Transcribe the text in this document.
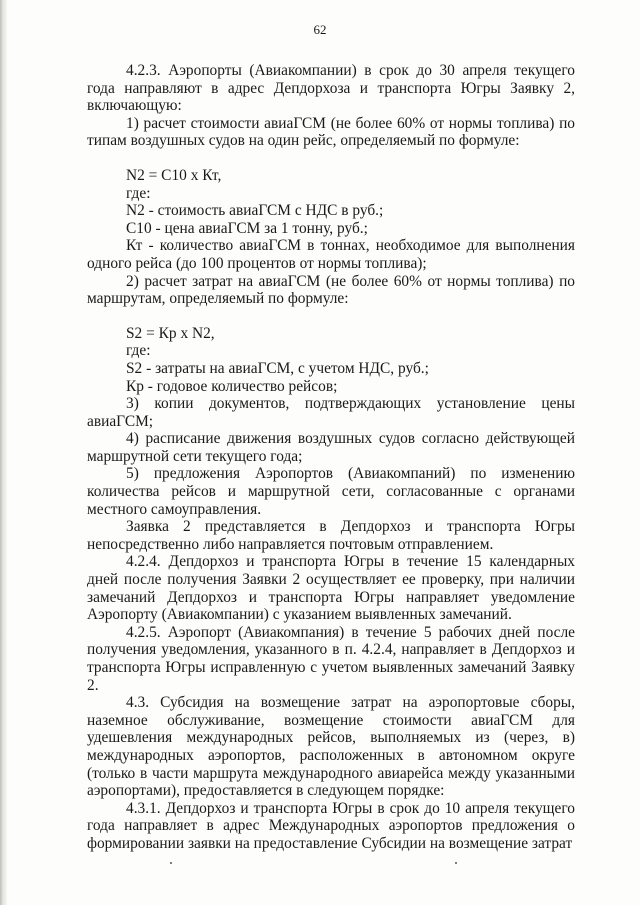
62

4.2.3. Аэропорты (Авиакомпании) в срок до 30 апреля текущего года направляют в адрес Депдорхоза и транспорта Югры Заявку 2, включающую:

1) расчет стоимости авиаГСМ (не более 60% от нормы топлива) по типам воздушных судов на один рейс, определяемый по формуле:

N2 = C10 x Кт,

где:

N2 - стоимость авиаГСМ с НДС в руб.;

C10 - цена авиаГСМ за 1 тонну, руб.;

Кт - количество авиаГСМ в тоннах, необходимое для выполнения одного рейса (до 100 процентов от нормы топлива);

2) расчет затрат на авиаГСМ (не более 60% от нормы топлива) по маршрутам, определяемый по формуле:

S2 = Кр x N2,

где:

S2 - затраты на авиаГСМ, с учетом НДС, руб.;

Кр - годовое количество рейсов;

3) копии документов, подтверждающих установление цены авиаГСМ;

4) расписание движения воздушных судов согласно действующей маршрутной сети текущего года;

5) предложения Аэропортов (Авиакомпаний) по изменению количества рейсов и маршрутной сети, согласованные с органами местного самоуправления.

Заявка 2 представляется в Депдорхоз и транспорта Югры непосредственно либо направляется почтовым отправлением.

4.2.4. Депдорхоз и транспорта Югры в течение 15 календарных дней после получения Заявки 2 осуществляет ее проверку, при наличии замечаний Депдорхоз и транспорта Югры направляет уведомление Аэропорту (Авиакомпании) с указанием выявленных замечаний.

4.2.5. Аэропорт (Авиакомпания) в течение 5 рабочих дней после получения уведомления, указанного в п. 4.2.4, направляет в Депдорхоз и транспорта Югры исправленную с учетом выявленных замечаний Заявку 2.

4.3. Субсидия на возмещение затрат на аэропортовые сборы, наземное обслуживание, возмещение стоимости авиаГСМ для удешевления международных рейсов, выполняемых из (через, в) международных аэропортов, расположенных в автономном округе (только в части маршрута международного авиарейса между указанными аэропортами), предоставляется в следующем порядке:

4.3.1. Депдорхоз и транспорта Югры в срок до 10 апреля текущего года направляет в адрес Международных аэропортов предложения о формировании заявки на предоставление Субсидии на возмещение затрат
